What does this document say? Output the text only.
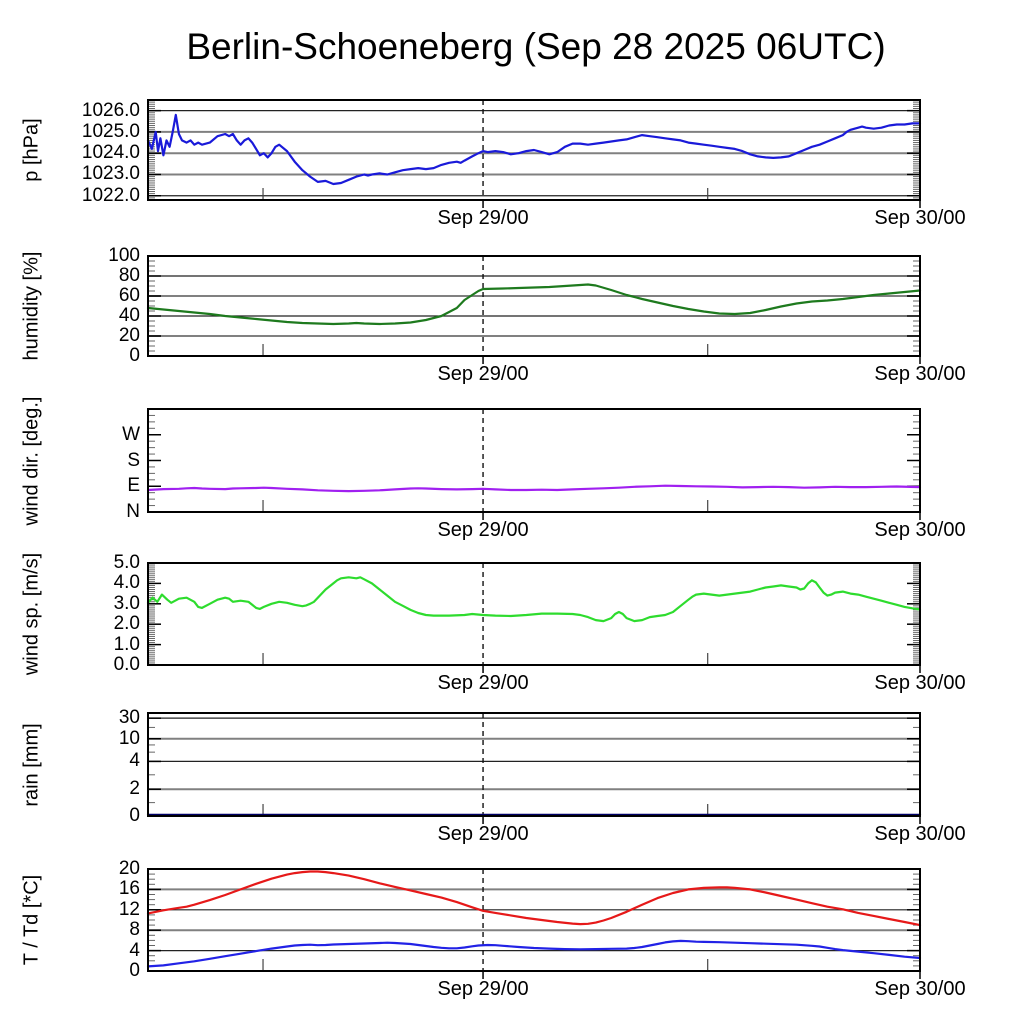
Berlin-Schoeneberg (Sep 28 2025 06UTC)
p [hPa]
1022.0
1023.0
1024.0
1025.0
1026.0
Sep 29/00	Sep 30/00
humidity [%]	0
20
40
60
80
100
Sep 29/00	Sep 30/00
wind dir. [deg.]	N
E
S
W
Sep 29/00	Sep 30/00
wind sp. [m/s]	0.0
1.0
2.0
3.0
4.0
5.0
Sep 29/00	Sep 30/00
rain [mm]
0
2
4
10
30
Sep 29/00	Sep 30/00
T / Td [*C]
0
4
8
12
16
20
Sep 29/00	Sep 30/00
